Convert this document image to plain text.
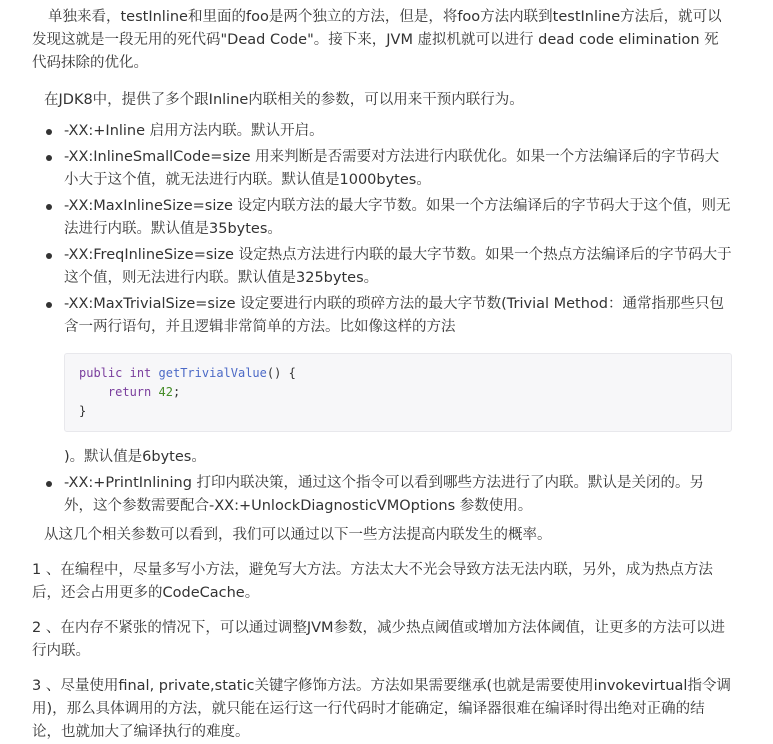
单独来看，testInline和里面的foo是两个独立的方法，但是，将foo方法内联到testInline方法后，就可以发现这就是一段无用的死代码"Dead Code"。接下来，JVM 虚拟机就可以进行 dead code elimination 死代码抹除的优化。

在JDK8中，提供了多个跟Inline内联相关的参数，可以用来干预内联行为。

-XX:+Inline 启用方法内联。默认开启。
-XX:InlineSmallCode=size 用来判断是否需要对方法进行内联优化。如果一个方法编译后的字节码大小大于这个值，就无法进行内联。默认值是1000bytes。
-XX:MaxInlineSize=size 设定内联方法的最大字节数。如果一个方法编译后的字节码大于这个值，则无法进行内联。默认值是35bytes。
-XX:FreqInlineSize=size 设定热点方法进行内联的最大字节数。如果一个热点方法编译后的字节码大于这个值，则无法进行内联。默认值是325bytes。
-XX:MaxTrivialSize=size 设定要进行内联的琐碎方法的最大字节数(Trivial Method：通常指那些只包含一两行语句，并且逻辑非常简单的方法。比如像这样的方法
public int getTrivialValue() {
return 42;
}
)。默认值是6bytes。
-XX:+PrintInlining 打印内联决策，通过这个指令可以看到哪些方法进行了内联。默认是关闭的。另外，这个参数需要配合-XX:+UnlockDiagnosticVMOptions 参数使用。

从这几个相关参数可以看到，我们可以通过以下一些方法提高内联发生的概率。

1 、在编程中，尽量多写小方法，避免写大方法。方法太大不光会导致方法无法内联，另外，成为热点方法后，还会占用更多的CodeCache。

2 、在内存不紧张的情况下，可以通过调整JVM参数，减少热点阈值或增加方法体阈值，让更多的方法可以进行内联。

3 、尽量使用final, private,static关键字修饰方法。方法如果需要继承(也就是需要使用invokevirtual指令调用)，那么具体调用的方法，就只能在运行这一行代码时才能确定，编译器很难在编译时得出绝对正确的结论，也就加大了编译执行的难度。
